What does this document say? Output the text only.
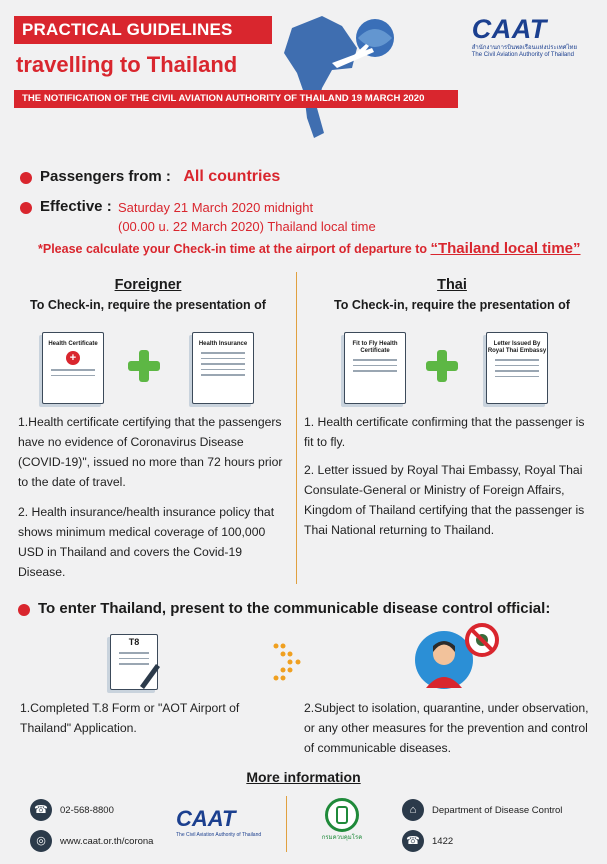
PRACTICAL GUIDELINES
travelling to Thailand
THE NOTIFICATION OF THE CIVIL AVIATION AUTHORITY OF THAILAND 19 MARCH 2020
CAAT
สำนักงานการบินพลเรือนแห่งประเทศไทย
The Civil Aviation Authority of Thailand
Passengers from : All countries
Effective : Saturday 21 March 2020 midnight
(00.00 u. 22 March 2020) Thailand local time
*Please calculate your Check-in time at the airport of departure to “Thailand local time”
Foreigner
To Check-in, require the presentation of
Thai
To Check-in, require the presentation of
Health Certificate
+
Health Insurance	Fit to Fly Health Certificate
Letter Issued By Royal Thai Embassy
1.Health certificate certifying that the passengers have no evidence of Coronavirus Disease (COVID-19)", issued no more than 72 hours prior to the date of travel.
2. Health insurance/health insurance policy that shows minimum medical coverage of 100,000 USD in Thailand and covers the Covid-19 Disease.
1. Health certificate confirming that the passenger is fit to fly.
2. Letter issued by Royal Thai Embassy, Royal Thai Consulate-General or Ministry of Foreign Affairs, Kingdom of Thailand certifying that the passenger is Thai National returning to Thailand.
To enter Thailand, present to the communicable disease control official:
T8
1.Completed T.8 Form or "AOT Airport of Thailand" Application.
2.Subject to isolation, quarantine, under observation, or any other measures for the prevention and control of communicable diseases.
More information
☎	02-568-8800
◎	www.caat.or.th/corona
CAAT
The Civil Aviation Authority of Thailand	กรมควบคุมโรค
⌂	Department of Disease Control
☎	1422
